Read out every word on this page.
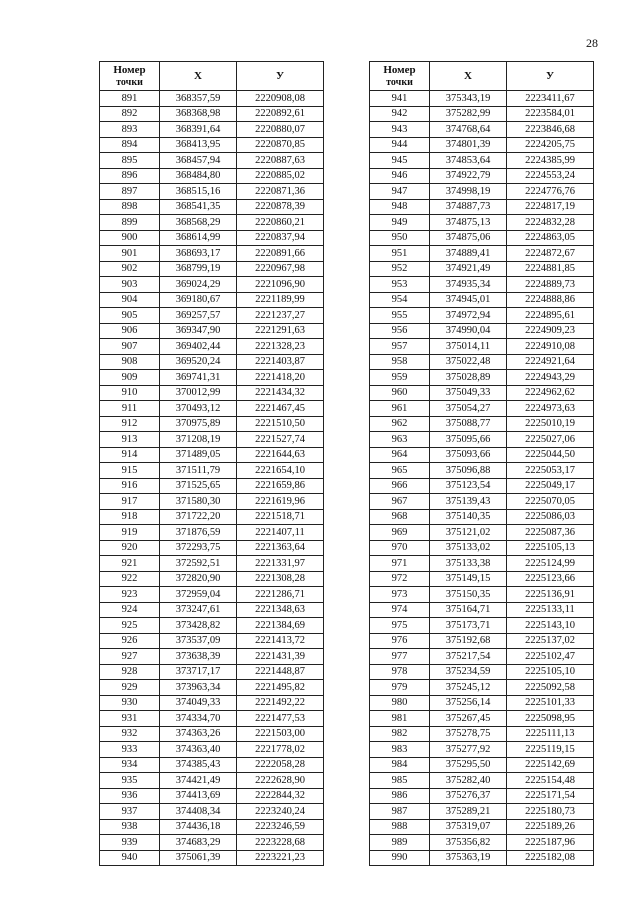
28
Номер
точки	Х	У
891	368357,59	2220908,08
892	368368,98	2220892,61
893	368391,64	2220880,07
894	368413,95	2220870,85
895	368457,94	2220887,63
896	368484,80	2220885,02
897	368515,16	2220871,36
898	368541,35	2220878,39
899	368568,29	2220860,21
900	368614,99	2220837,94
901	368693,17	2220891,66
902	368799,19	2220967,98
903	369024,29	2221096,90
904	369180,67	2221189,99
905	369257,57	2221237,27
906	369347,90	2221291,63
907	369402,44	2221328,23
908	369520,24	2221403,87
909	369741,31	2221418,20
910	370012,99	2221434,32
911	370493,12	2221467,45
912	370975,89	2221510,50
913	371208,19	2221527,74
914	371489,05	2221644,63
915	371511,79	2221654,10
916	371525,65	2221659,86
917	371580,30	2221619,96
918	371722,20	2221518,71
919	371876,59	2221407,11
920	372293,75	2221363,64
921	372592,51	2221331,97
922	372820,90	2221308,28
923	372959,04	2221286,71
924	373247,61	2221348,63
925	373428,82	2221384,69
926	373537,09	2221413,72
927	373638,39	2221431,39
928	373717,17	2221448,87
929	373963,34	2221495,82
930	374049,33	2221492,22
931	374334,70	2221477,53
932	374363,26	2221503,00
933	374363,40	2221778,02
934	374385,43	2222058,28
935	374421,49	2222628,90
936	374413,69	2222844,32
937	374408,34	2223240,24
938	374436,18	2223246,59
939	374683,29	2223228,68
940	375061,39	2223221,23
Номер
точки	Х	У
941	375343,19	2223411,67
942	375282,99	2223584,01
943	374768,64	2223846,68
944	374801,39	2224205,75
945	374853,64	2224385,99
946	374922,79	2224553,24
947	374998,19	2224776,76
948	374887,73	2224817,19
949	374875,13	2224832,28
950	374875,06	2224863,05
951	374889,41	2224872,67
952	374921,49	2224881,85
953	374935,34	2224889,73
954	374945,01	2224888,86
955	374972,94	2224895,61
956	374990,04	2224909,23
957	375014,11	2224910,08
958	375022,48	2224921,64
959	375028,89	2224943,29
960	375049,33	2224962,62
961	375054,27	2224973,63
962	375088,77	2225010,19
963	375095,66	2225027,06
964	375093,66	2225044,50
965	375096,88	2225053,17
966	375123,54	2225049,17
967	375139,43	2225070,05
968	375140,35	2225086,03
969	375121,02	2225087,36
970	375133,02	2225105,13
971	375133,38	2225124,99
972	375149,15	2225123,66
973	375150,35	2225136,91
974	375164,71	2225133,11
975	375173,71	2225143,10
976	375192,68	2225137,02
977	375217,54	2225102,47
978	375234,59	2225105,10
979	375245,12	2225092,58
980	375256,14	2225101,33
981	375267,45	2225098,95
982	375278,75	2225111,13
983	375277,92	2225119,15
984	375295,50	2225142,69
985	375282,40	2225154,48
986	375276,37	2225171,54
987	375289,21	2225180,73
988	375319,07	2225189,26
989	375356,82	2225187,96
990	375363,19	2225182,08
